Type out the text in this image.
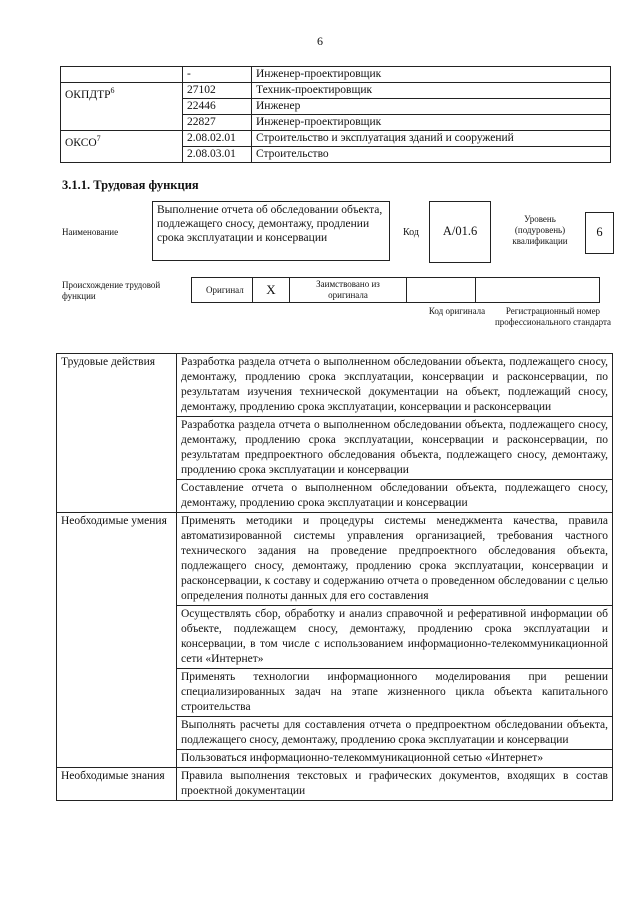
6
	-	Инженер-проектировщик
ОКПДТР$^6$	27102	Техник-проектировщик
	22446	Инженер
	22827	Инженер-проектировщик
ОКСО$^7$	2.08.02.01	Строительство и эксплуатация зданий и сооружений
	2.08.03.01	Строительство
3.1.1. Трудовая функция
Наименование
Выполнение отчета об обследовании объекта, подлежащего сносу, демонтажу, продлении срока эксплуатации и консервации	Код	A/01.6
Уровень (подуровень) квалификации
6
Происхождение трудовой функции
Оригинал	X	Заимствовано из оригинала
Код оригинала	Регистрационный номер профессионального стандарта
Трудовые действия	Разработка раздела отчета о выполненном обследовании объекта, подлежащего сносу, демонтажу, продлению срока эксплуатации, консервации и расконсервации, по результатам изучения технической документации на объект, подлежащий сносу, демонтажу, продлению срока эксплуатации, консервации и расконсервации
	Разработка раздела отчета о выполненном обследовании объекта, подлежащего сносу, демонтажу, продлению срока эксплуатации, консервации и расконсервации, по результатам предпроектного обследования объекта, подлежащего сносу, демонтажу, продлению срока эксплуатации и консервации
	Составление отчета о выполненном обследовании объекта, подлежащего сносу, демонтажу, продлению срока эксплуатации и консервации
Необходимые умения	Применять методики и процедуры системы менеджмента качества, правила автоматизированной системы управления организацией, требования частного технического задания на проведение предпроектного обследования объекта, подлежащего сносу, демонтажу, продлению срока эксплуатации, консервации и расконсервации, к составу и содержанию отчета о проведенном обследовании с целью определения полноты данных для его составления
	Осуществлять сбор, обработку и анализ справочной и реферативной информации об объекте, подлежащем сносу, демонтажу, продлению срока эксплуатации и консервации, в том числе с использованием информационно-телекоммуникационной сети «Интернет»
	Применять технологии информационного моделирования при решении специализированных задач на этапе жизненного цикла объекта капитального строительства
	Выполнять расчеты для составления отчета о предпроектном обследовании объекта, подлежащего сносу, демонтажу, продлению срока эксплуатации и консервации
	Пользоваться информационно-телекоммуникационной сетью «Интернет»
Необходимые знания	Правила выполнения текстовых и графических документов, входящих в состав проектной документации
